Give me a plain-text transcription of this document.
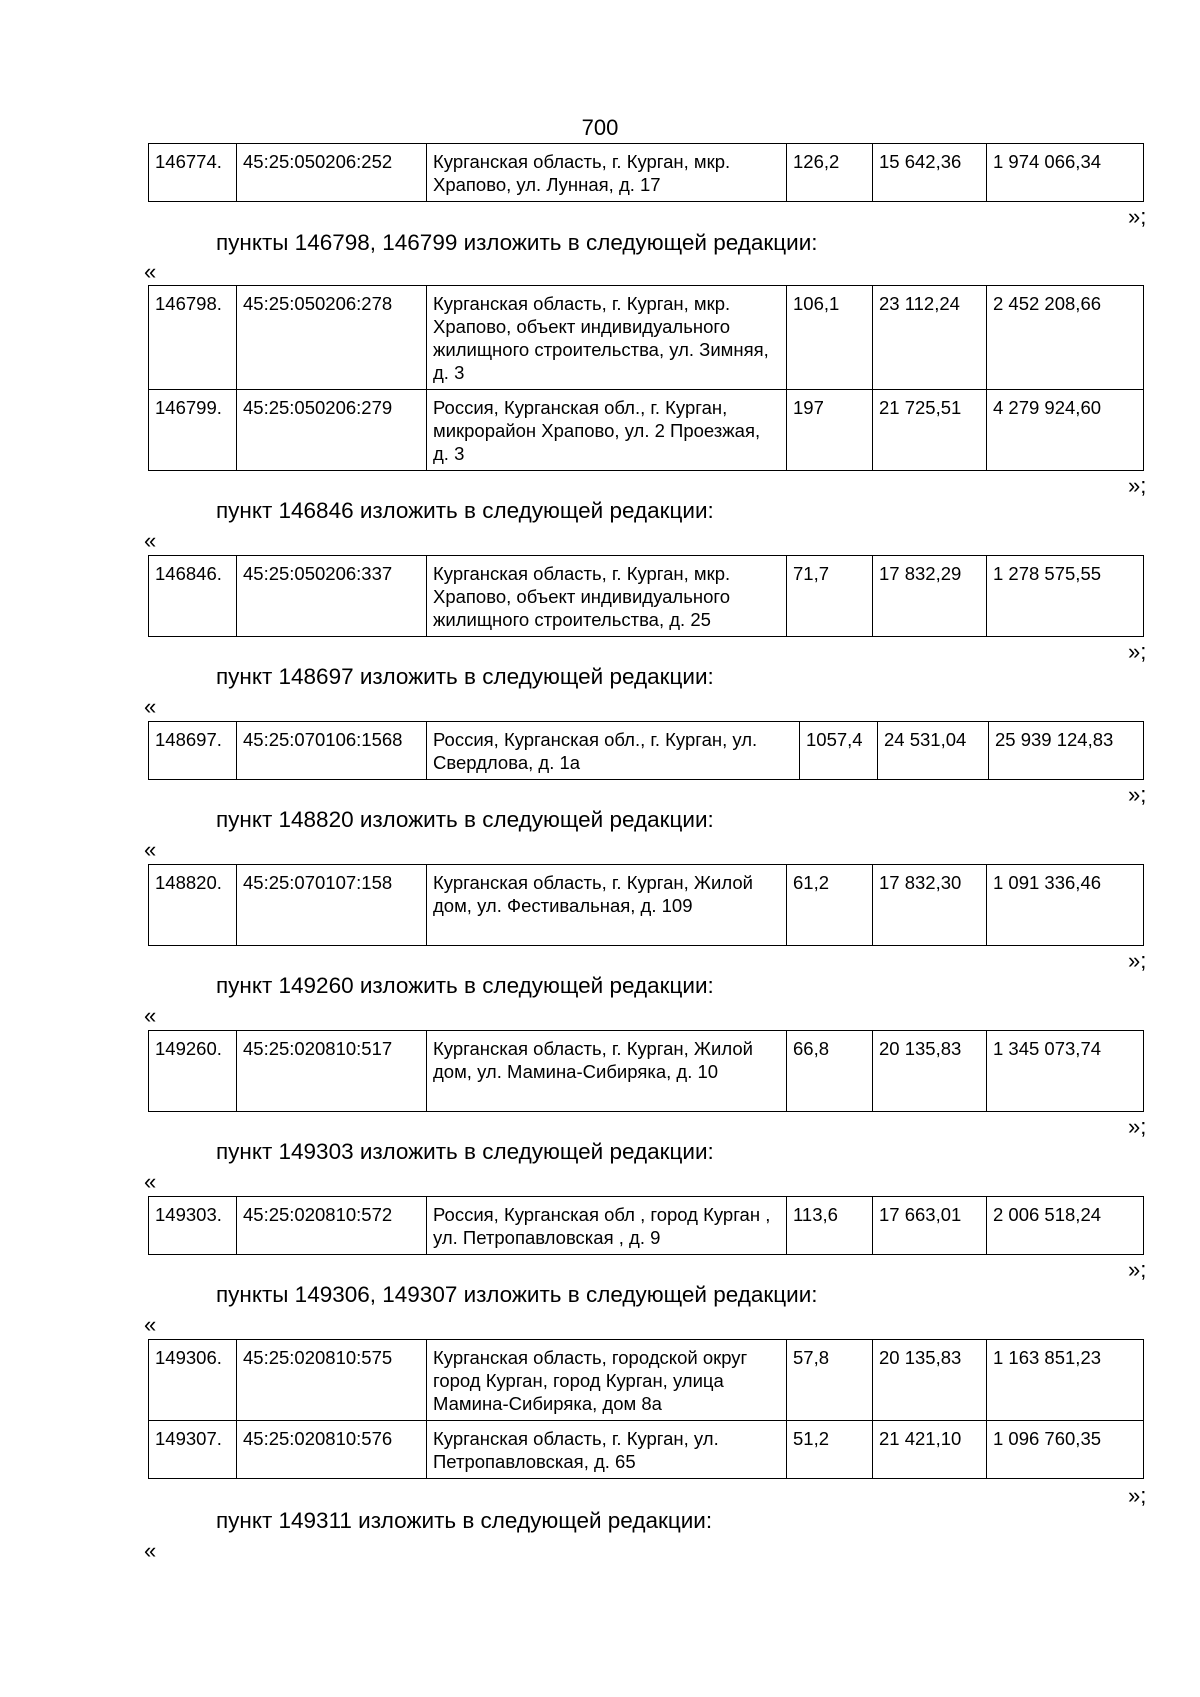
700
146774.	45:25:050206:252	Курганская область, г. Курган, мкр. Храпово, ул. Лунная, д. 17	126,2	15 642,36	1 974 066,34
»;
пункты 146798, 146799 изложить в следующей редакции:
«
146798.	45:25:050206:278	Курганская область, г. Курган, мкр. Храпово, объект индивидуального жилищного строительства, ул. Зимняя, д. 3	106,1	23 112,24	2 452 208,66
146799.	45:25:050206:279	Россия, Курганская обл., г. Курган, микрорайон Храпово, ул. 2 Проезжая, д. 3	197	21 725,51	4 279 924,60
»;
пункт 146846 изложить в следующей редакции:
«
146846.	45:25:050206:337	Курганская область, г. Курган, мкр. Храпово, объект индивидуального жилищного строительства, д. 25	71,7	17 832,29	1 278 575,55
»;
пункт 148697 изложить в следующей редакции:
«
148697.	45:25:070106:1568	Россия, Курганская обл., г. Курган, ул. Свердлова, д. 1а	1057,4	24 531,04	25 939 124,83
»;
пункт 148820 изложить в следующей редакции:
«
148820.	45:25:070107:158	Курганская область, г. Курган, Жилой дом, ул. Фестивальная, д. 109	61,2	17 832,30	1 091 336,46
»;
пункт 149260 изложить в следующей редакции:
«
149260.	45:25:020810:517	Курганская область, г. Курган, Жилой дом, ул. Мамина-Сибиряка, д. 10	66,8	20 135,83	1 345 073,74
»;
пункт 149303 изложить в следующей редакции:
«
149303.	45:25:020810:572	Россия, Курганская обл , город Курган , ул. Петропавловская , д. 9	113,6	17 663,01	2 006 518,24
»;
пункты 149306, 149307 изложить в следующей редакции:
«
149306.	45:25:020810:575	Курганская область, городской округ город Курган, город Курган, улица Мамина-Сибиряка, дом 8а	57,8	20 135,83	1 163 851,23
149307.	45:25:020810:576	Курганская область, г. Курган, ул. Петропавловская, д. 65	51,2	21 421,10	1 096 760,35
»;
пункт 149311 изложить в следующей редакции:
«
